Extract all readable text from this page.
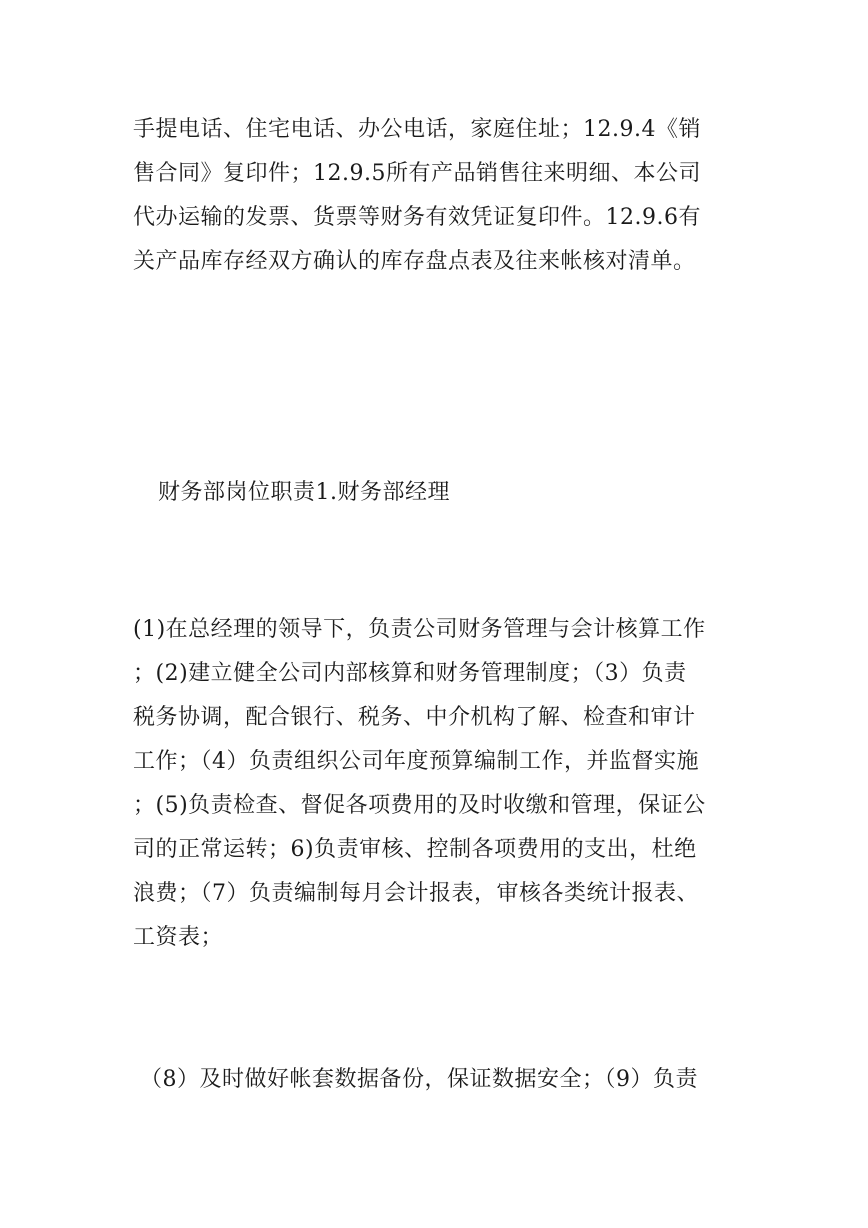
手提电话、住宅电话、办公电话，家庭住址；12.9.4《销
售合同》复印件；12.9.5所有产品销售往来明细、本公司
代办运输的发票、货票等财务有效凭证复印件。12.9.6有
关产品库存经双方确认的库存盘点表及往来帐核对清单。
财务部岗位职责1.财务部经理
(1)在总经理的领导下，负责公司财务管理与会计核算工作
；(2)建立健全公司内部核算和财务管理制度；（3）负责
税务协调，配合银行、税务、中介机构了解、检查和审计
工作；（4）负责组织公司年度预算编制工作，并监督实施
；(5)负责检查、督促各项费用的及时收缴和管理，保证公
司的正常运转；6)负责审核、控制各项费用的支出，杜绝
浪费；（7）负责编制每月会计报表，审核各类统计报表、
工资表；
（8）及时做好帐套数据备份，保证数据安全；（9）负责
